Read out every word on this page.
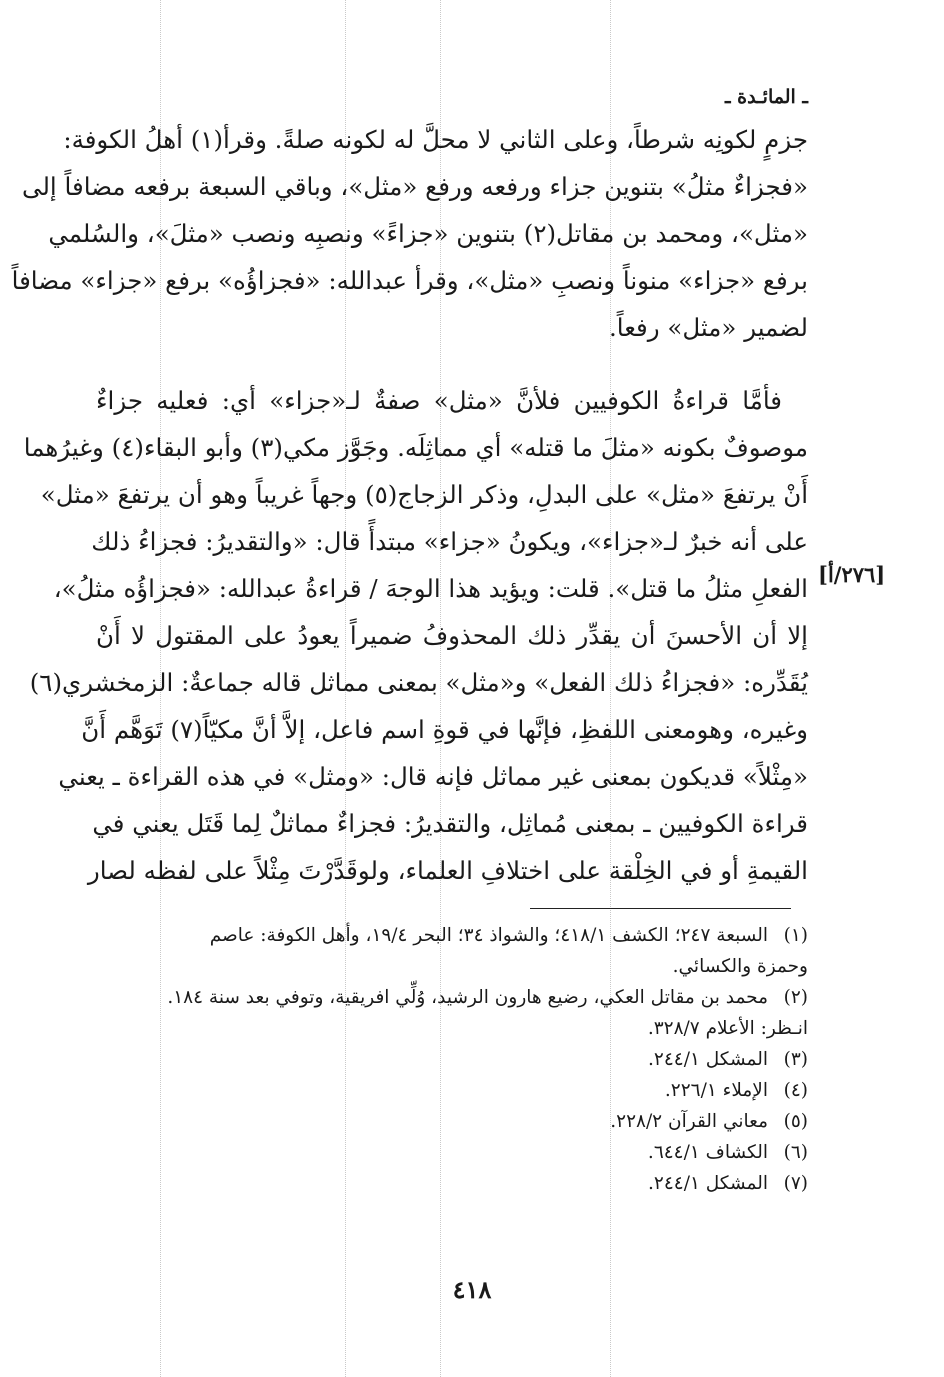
ـ المائـدة ـ
جزمٍ لكونِه شرطاً، وعلى الثاني لا محلَّ له لكونه صلةً. وقرأ(١) أهلُ الكوفة:
«فجزاءٌ مثلُ» بتنوين جزاء ورفعه ورفع «مثل»، وباقي السبعة برفعه مضافاً إلى
«مثل»، ومحمد بن مقاتل(٢) بتنوين «جزاءً» ونصبِه ونصب «مثلَ»، والسُلمي
برفع «جزاء» منوناً ونصبِ «مثل»، وقرأ عبدالله: «فجزاؤُه» برفع «جزاء» مضافاً
لضمير «مثل» رفعاً.
فأمَّا قراءةُ الكوفيين فلأنَّ «مثل» صفةٌ لـ«جزاء» أي: فعليه جزاءٌ
موصوفٌ بكونه «مثلَ ما قتله» أي مماثِلَه. وجَوَّز مكي(٣) وأبو البقاء(٤) وغيرُهما
أَنْ يرتفعَ «مثل» على البدلِ، وذكر الزجاج(٥) وجهاً غريباً وهو أن يرتفعَ «مثل»
على أنه خبرٌ لـ«جزاء»، ويكونُ «جزاء» مبتدأً قال: «والتقديرُ: فجزاءُ ذلك
الفعلِ مثلُ ما قتل». قلت: ويؤيد هذا الوجهَ / قراءةُ عبدالله: «فجزاؤُه مثلُ»،
إلا أن الأحسنَ أن يقدِّر ذلك المحذوفُ ضميراً يعودُ على المقتول لا أَنْ
يُقَدِّره: «فجزاءُ ذلك الفعل» و«مثل» بمعنى مماثل قاله جماعةٌ: الزمخشري(٦)
وغيره، وهومعنى اللفظِ، فإنَّها في قوةِ اسم فاعل، إلاَّ أنَّ مكيّاً(٧) تَوَهَّم أَنَّ
«مِثْلاً» قديكون بمعنى غير مماثل فإنه قال: «ومثل» في هذه القراءة ـ يعني
قراءة الكوفيين ـ بمعنى مُماثِل، والتقديرُ: فجزاءٌ مماثلٌ لِما قَتَل يعني في
القيمةِ أو في الخِلْقة على اختلافِ العلماء، ولوقَدَّرْتَ مِثْلاً على لفظه لصار
[٢٧٦/أ]
(١)
السبعة ٢٤٧؛ الكشف ٤١٨/١؛ والشواذ ٣٤؛ البحر ١٩/٤، وأهل الكوفة: عاصم
وحمزة والكسائي.
(٢)
محمد بن مقاتل العكي، رضيع هارون الرشيد، وُلِّي افريقية، وتوفي بعد سنة ١٨٤.
انـظر: الأعلام ٣٢٨/٧.
(٣)
المشكل ٢٤٤/١.
(٤)
الإملاء ٢٢٦/١.
(٥)
معاني القرآن ٢٢٨/٢.
(٦)
الكشاف ٦٤٤/١.
(٧)
المشكل ٢٤٤/١.
٤١٨
